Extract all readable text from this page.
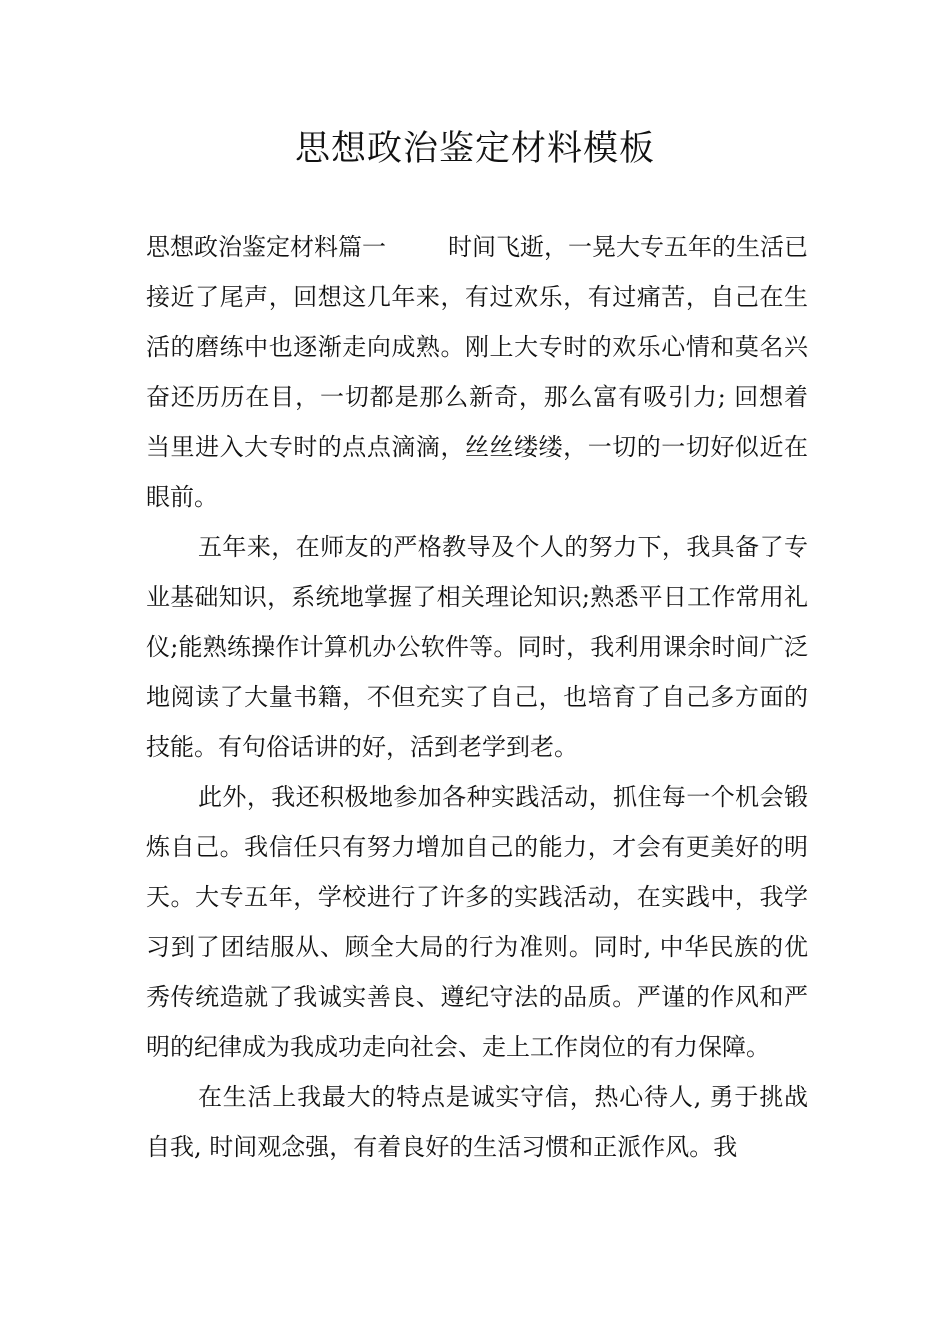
思想政治鉴定材料模板

思想政治鉴定材料篇一	时间飞逝，一晃大专五年的生活已接近了尾声，回想这几年来，有过欢乐，有过痛苦，自己在生活的磨练中也逐渐走向成熟。刚上大专时的欢乐心情和莫名兴奋还历历在目，一切都是那么新奇，那么富有吸引力; 回想着当里进入大专时的点点滴滴，丝丝缕缕，一切的一切好似近在眼前。

五年来，在师友的严格教导及个人的努力下，我具备了专业基础知识，系统地掌握了相关理论知识;熟悉平日工作常用礼仪;能熟练操作计算机办公软件等。同时，我利用课余时间广泛地阅读了大量书籍，不但充实了自己，也培育了自己多方面的技能。有句俗话讲的好，活到老学到老。

此外，我还积极地参加各种实践活动，抓住每一个机会锻炼自己。我信任只有努力增加自己的能力，才会有更美好的明天。大专五年，学校进行了许多的实践活动，在实践中，我学习到了团结服从、顾全大局的行为准则。同时, 中华民族的优秀传统造就了我诚实善良、遵纪守法的品质。严谨的作风和严明的纪律成为我成功走向社会、走上工作岗位的有力保障。

在生活上我最大的特点是诚实守信，热心待人, 勇于挑战自我, 时间观念强，有着良好的生活习惯和正派作风。我
